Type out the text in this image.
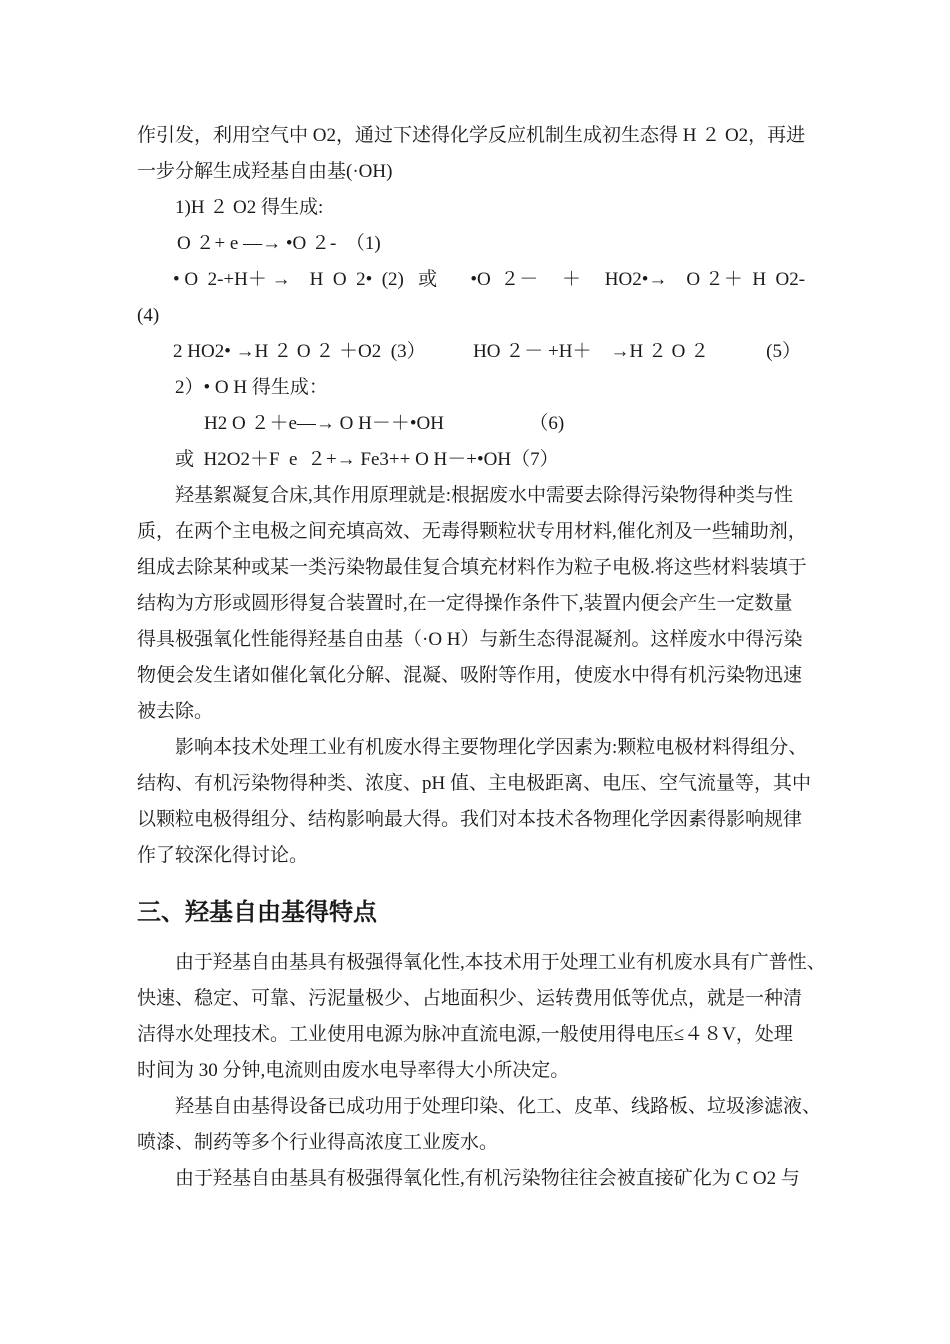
作引发，利用空气中 O2，通过下述得化学反应机制生成初生态得 H ２ O2，再进
一步分解生成羟基自由基(·OH)
1)H ２ O2 得生成:
O ２+ e —→ •O ２-  （1)
• O  2-+H＋ →    H  O  2•  (2)   或       •O  ２－     ＋     HO2•→    O ２＋  H  O2-
(4)
2 HO2• →H ２ O ２ ＋O2  (3）          HO ２－ +H＋    →H ２ O ２            (5）
2）• O H 得生成：
H2 O ２＋e—→ O H－＋•OH                  （6)
或  H2O2＋F  e  ２+→ Fe3++ O H－+•OH（7）
羟基絮凝复合床,其作用原理就是:根据废水中需要去除得污染物得种类与性
质，在两个主电极之间充填高效、无毒得颗粒状专用材料,催化剂及一些辅助剂，
组成去除某种或某一类污染物最佳复合填充材料作为粒子电极.将这些材料装填于
结构为方形或圆形得复合装置时,在一定得操作条件下,装置内便会产生一定数量
得具极强氧化性能得羟基自由基（·O H）与新生态得混凝剂。这样废水中得污染
物便会发生诸如催化氧化分解、混凝、吸附等作用，使废水中得有机污染物迅速
被去除。
影响本技术处理工业有机废水得主要物理化学因素为:颗粒电极材料得组分、
结构、有机污染物得种类、浓度、pH 值、主电极距离、电压、空气流量等，其中
以颗粒电极得组分、结构影响最大得。我们对本技术各物理化学因素得影响规律
作了较深化得讨论。
三、羟基自由基得特点
由于羟基自由基具有极强得氧化性,本技术用于处理工业有机废水具有广普性、
快速、稳定、可靠、污泥量极少、占地面积少、运转费用低等优点，就是一种清
洁得水处理技术。工业使用电源为脉冲直流电源,一般使用得电压≤４８V，处理
时间为 30 分钟,电流则由废水电导率得大小所决定。
羟基自由基得设备已成功用于处理印染、化工、皮革、线路板、垃圾渗滤液、
喷漆、制药等多个行业得高浓度工业废水。
由于羟基自由基具有极强得氧化性,有机污染物往往会被直接矿化为 C O2 与
